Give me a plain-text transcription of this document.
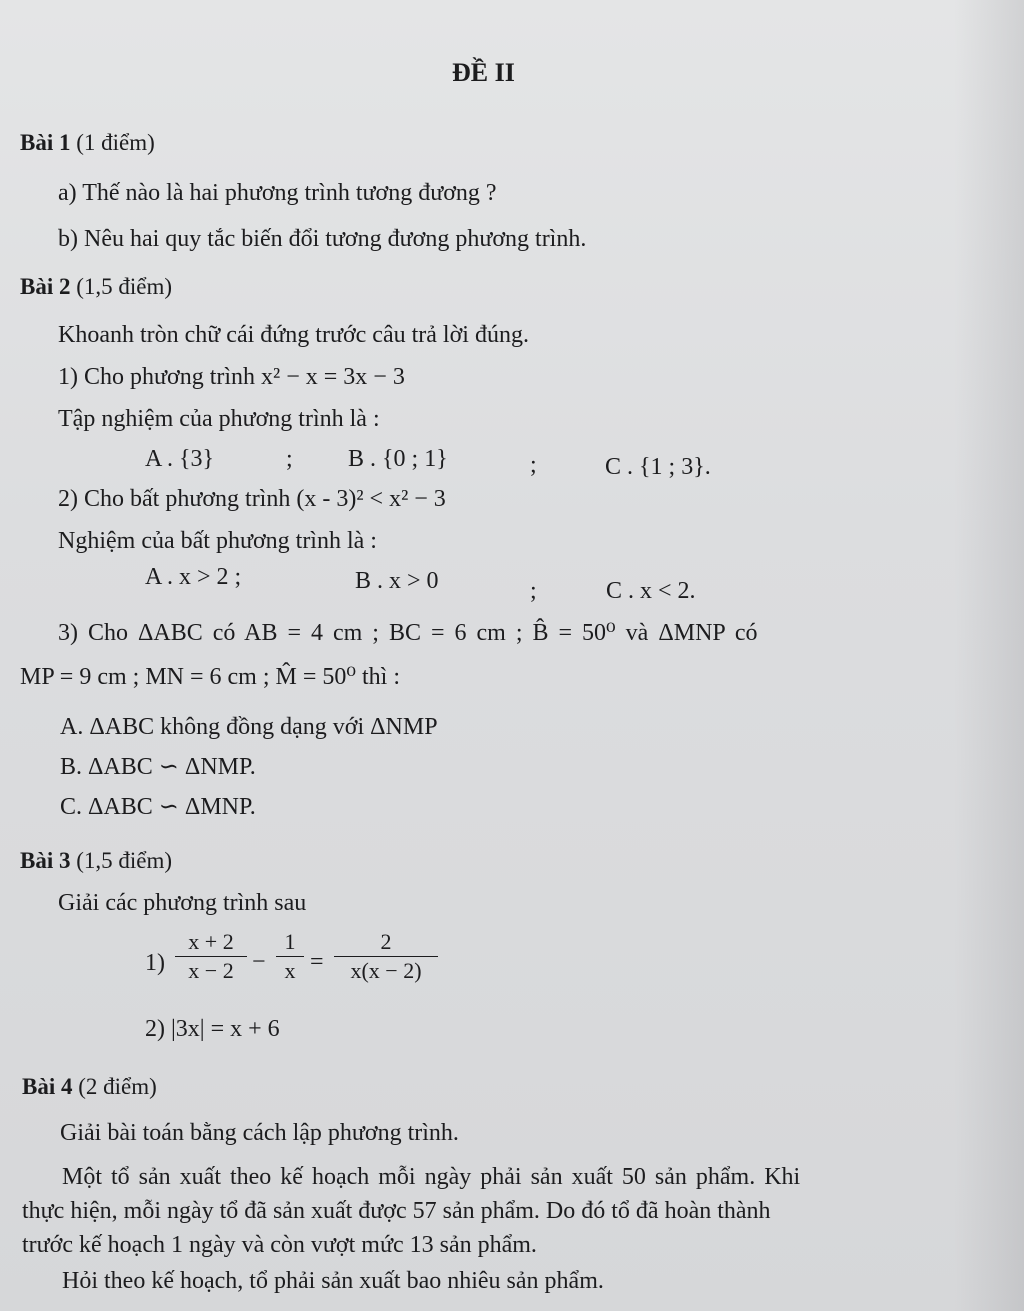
ĐỀ II
Bài 1 (1 điểm)
a) Thế nào là hai phương trình tương đương ?
b) Nêu hai quy tắc biến đổi tương đương phương trình.
Bài 2 (1,5 điểm)
Khoanh tròn chữ cái đứng trước câu trả lời đúng.
1) Cho phương trình x² − x = 3x − 3
Tập nghiệm của phương trình là :
A . {3}	; B . {0 ; 1}	;	C . {1 ; 3}.
2) Cho bất phương trình (x - 3)² < x² − 3
Nghiệm của bất phương trình là :
A . x > 2 ;	B . x > 0	;	C . x < 2.
3) Cho ΔABC có AB = 4 cm ; BC = 6 cm ; B̂ = 50⁰ và ΔMNP có
MP = 9 cm ; MN = 6 cm ; M̂ = 50⁰ thì :
A. ΔABC không đồng dạng với ΔNMP
B. ΔABC ∽ ΔNMP.
C. ΔABC ∽ ΔMNP.
Bài 3 (1,5 điểm)
Giải các phương trình sau
$1) \frac{x + 2}{x - 2} - \frac{1}{x} = \frac{2}{x(x - 2)}$
2) |3x| = x + 6
Bài 4 (2 điểm)
Giải bài toán bằng cách lập phương trình.
Một tổ sản xuất theo kế hoạch mỗi ngày phải sản xuất 50 sản phẩm. Khi
thực hiện, mỗi ngày tổ đã sản xuất được 57 sản phẩm. Do đó tổ đã hoàn thành
trước kế hoạch 1 ngày và còn vượt mức 13 sản phẩm.
Hỏi theo kế hoạch, tổ phải sản xuất bao nhiêu sản phẩm.
